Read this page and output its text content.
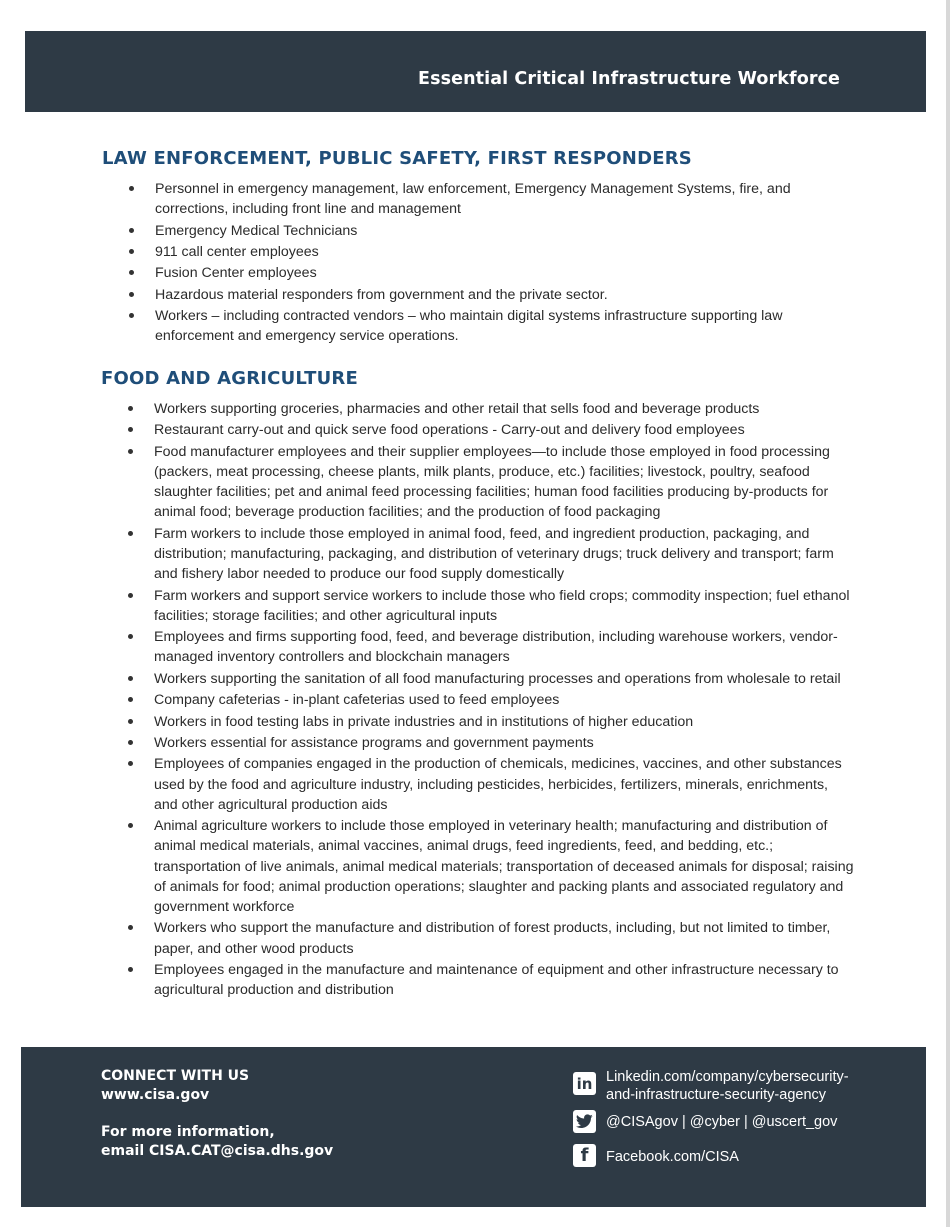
Essential Critical Infrastructure Workforce
LAW ENFORCEMENT, PUBLIC SAFETY, FIRST RESPONDERS
Personnel in emergency management, law enforcement, Emergency Management Systems, fire, and corrections, including front line and management
Emergency Medical Technicians
911 call center employees
Fusion Center employees
Hazardous material responders from government and the private sector.
Workers – including contracted vendors – who maintain digital systems infrastructure supporting law enforcement and emergency service operations.
FOOD AND AGRICULTURE
Workers supporting groceries, pharmacies and other retail that sells food and beverage products
Restaurant carry-out and quick serve food operations - Carry-out and delivery food employees
Food manufacturer employees and their supplier employees—to include those employed in food processing (packers, meat processing, cheese plants, milk plants, produce, etc.) facilities; livestock, poultry, seafood slaughter facilities; pet and animal feed processing facilities; human food facilities producing by-products for animal food; beverage production facilities; and the production of food packaging
Farm workers to include those employed in animal food, feed, and ingredient production, packaging, and distribution; manufacturing, packaging, and distribution of veterinary drugs; truck delivery and transport; farm and fishery labor needed to produce our food supply domestically
Farm workers and support service workers to include those who field crops; commodity inspection; fuel ethanol facilities; storage facilities; and other agricultural inputs
Employees and firms supporting food, feed, and beverage distribution, including warehouse workers, vendor-managed inventory controllers and blockchain managers
Workers supporting the sanitation of all food manufacturing processes and operations from wholesale to retail
Company cafeterias - in-plant cafeterias used to feed employees
Workers in food testing labs in private industries and in institutions of higher education
Workers essential for assistance programs and government payments
Employees of companies engaged in the production of chemicals, medicines, vaccines, and other substances used by the food and agriculture industry, including pesticides, herbicides, fertilizers, minerals, enrichments, and other agricultural production aids
Animal agriculture workers to include those employed in veterinary health; manufacturing and distribution of animal medical materials, animal vaccines, animal drugs, feed ingredients, feed, and bedding, etc.; transportation of live animals, animal medical materials; transportation of deceased animals for disposal; raising of animals for food; animal production operations; slaughter and packing plants and associated regulatory and government workforce
Workers who support the manufacture and distribution of forest products, including, but not limited to timber, paper, and other wood products
Employees engaged in the manufacture and maintenance of equipment and other infrastructure necessary to agricultural production and distribution

CONNECT WITH US

www.cisa.gov

For more information,

email CISA.CAT@cisa.dhs.gov

in Linkedin.com/company/cybersecurity-and-infrastructure-security-agency
@CISAgov | @cyber | @uscert_gov
f	Facebook.com/CISA
